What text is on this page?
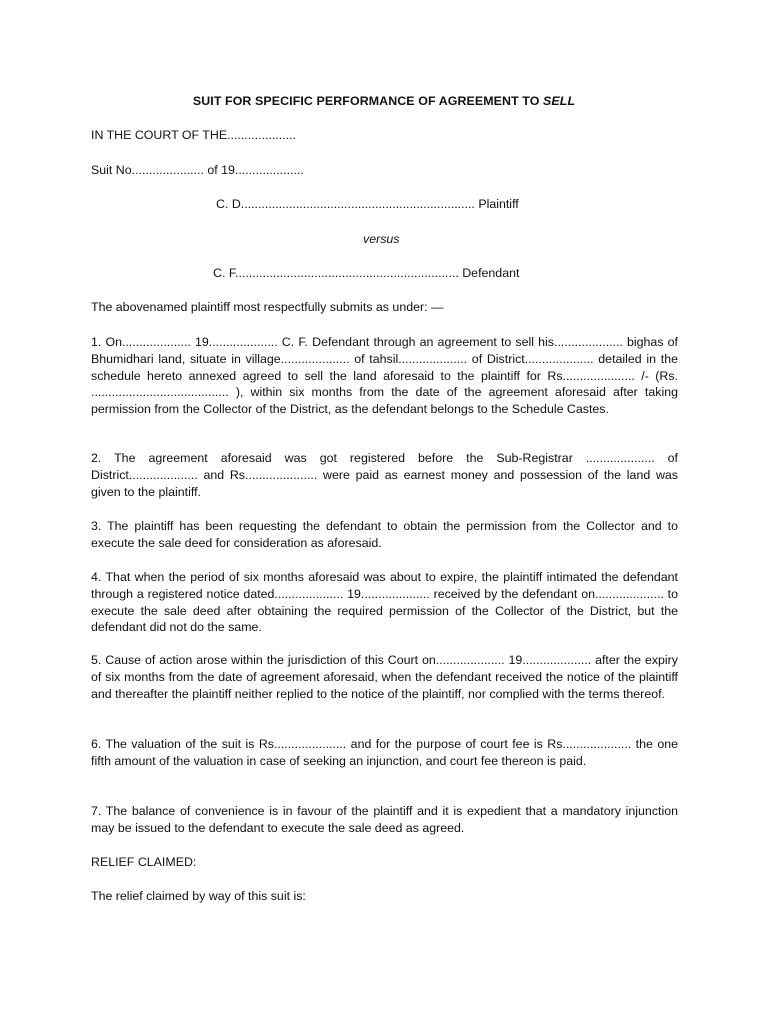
SUIT FOR SPECIFIC PERFORMANCE OF AGREEMENT TO SELL
IN THE COURT OF THE....................
Suit No..................... of 19....................
C. D.................................................................... Plaintiff
versus
C. F................................................................. Defendant
The abovenamed plaintiff most respectfully submits as under: —
1. On.................... 19.................... C. F. Defendant through an agreement to sell his.................... bighas of Bhumidhari land, situate in village.................... of tahsil.................... of District.................... detailed in the schedule hereto annexed agreed to sell the land aforesaid to the plaintiff for Rs..................... /- (Rs. ........................................ ), within six months from the date of the agreement aforesaid after taking permission from the Collector of the District, as the defendant belongs to the Schedule Castes.
2. The agreement aforesaid was got registered before the Sub-Registrar .................... of District.................... and Rs..................... were paid as earnest money and possession of the land was given to the plaintiff.
3. The plaintiff has been requesting the defendant to obtain the permission from the Collector and to execute the sale deed for consideration as aforesaid.
4. That when the period of six months aforesaid was about to expire, the plaintiff intimated the defendant through a registered notice dated.................... 19.................... received by the defendant on.................... to execute the sale deed after obtaining the required permission of the Collector of the District, but the defendant did not do the same.
5. Cause of action arose within the jurisdiction of this Court on.................... 19.................... after the expiry of six months from the date of agreement aforesaid, when the defendant received the notice of the plaintiff and thereafter the plaintiff neither replied to the notice of the plaintiff, nor complied with the terms thereof.
6. The valuation of the suit is Rs..................... and for the purpose of court fee is Rs.................... the one fifth amount of the valuation in case of seeking an injunction, and court fee thereon is paid.
7. The balance of convenience is in favour of the plaintiff and it is expedient that a mandatory injunction may be issued to the defendant to execute the sale deed as agreed.
RELIEF CLAIMED:
The relief claimed by way of this suit is:
